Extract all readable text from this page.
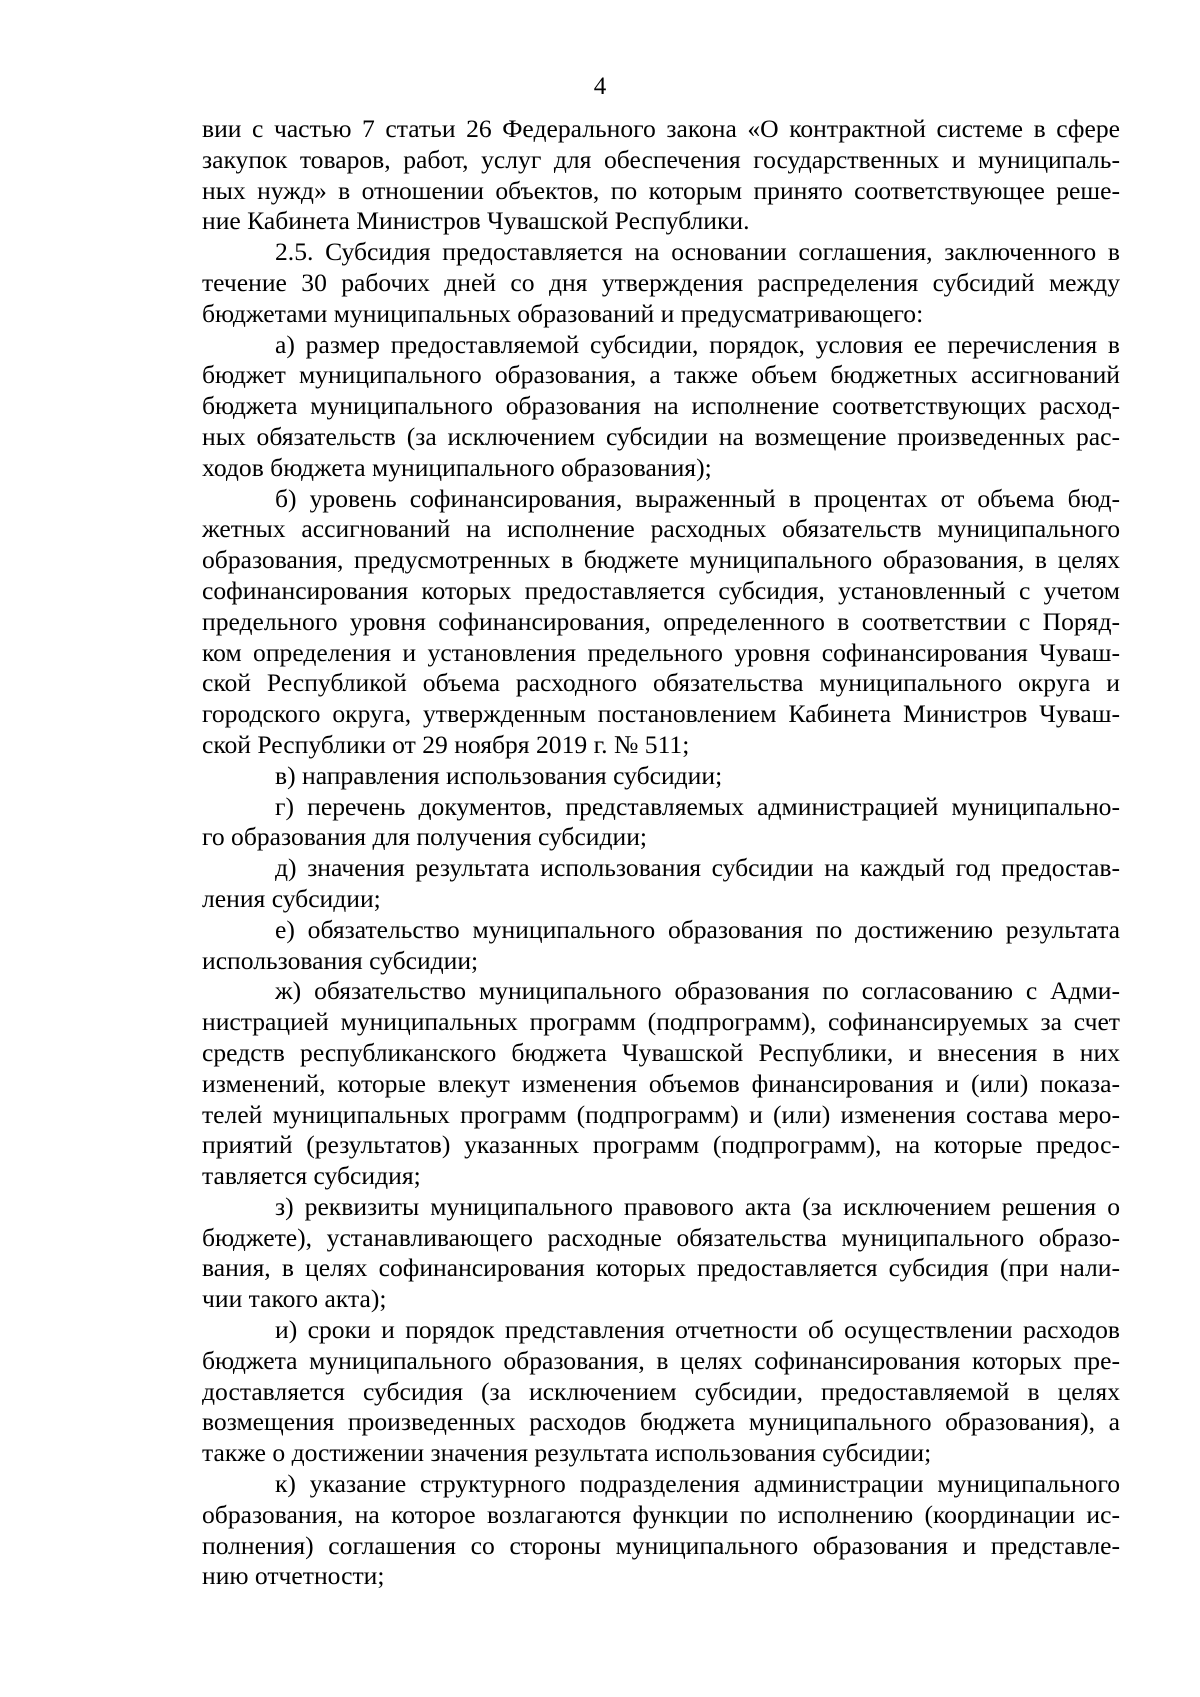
4
вии с частью 7 статьи 26 Федерального закона «О контрактной системе в сфере
закупок товаров, работ, услуг для обеспечения государственных и муниципаль-
ных нужд» в отношении объектов, по которым принято соответствующее реше-
ние Кабинета Министров Чувашской Республики.
2.5. Субсидия предоставляется на основании соглашения, заключенного в
течение 30 рабочих дней со дня утверждения распределения субсидий между
бюджетами муниципальных образований и предусматривающего:
а) размер предоставляемой субсидии, порядок, условия ее перечисления в
бюджет муниципального образования, а также объем бюджетных ассигнований
бюджета муниципального образования на исполнение соответствующих расход-
ных обязательств (за исключением субсидии на возмещение произведенных рас-
ходов бюджета муниципального образования);
б) уровень софинансирования, выраженный в процентах от объема бюд-
жетных ассигнований на исполнение расходных обязательств муниципального
образования, предусмотренных в бюджете муниципального образования, в целях
софинансирования которых предоставляется субсидия, установленный с учетом
предельного уровня софинансирования, определенного в соответствии с Поряд-
ком определения и установления предельного уровня софинансирования Чуваш-
ской Республикой объема расходного обязательства муниципального округа и
городского округа, утвержденным постановлением Кабинета Министров Чуваш-
ской Республики от 29 ноября 2019 г. № 511;
в) направления использования субсидии;
г) перечень документов, представляемых администрацией муниципально-
го образования для получения субсидии;
д) значения результата использования субсидии на каждый год предостав-
ления субсидии;
е) обязательство муниципального образования по достижению результата
использования субсидии;
ж) обязательство муниципального образования по согласованию с Адми-
нистрацией муниципальных программ (подпрограмм), софинансируемых за счет
средств республиканского бюджета Чувашской Республики, и внесения в них
изменений, которые влекут изменения объемов финансирования и (или) показа-
телей муниципальных программ (подпрограмм) и (или) изменения состава меро-
приятий (результатов) указанных программ (подпрограмм), на которые предос-
тавляется субсидия;
з) реквизиты муниципального правового акта (за исключением решения о
бюджете), устанавливающего расходные обязательства муниципального образо-
вания, в целях софинансирования которых предоставляется субсидия (при нали-
чии такого акта);
и) сроки и порядок представления отчетности об осуществлении расходов
бюджета муниципального образования, в целях софинансирования которых пре-
доставляется субсидия (за исключением субсидии, предоставляемой в целях
возмещения произведенных расходов бюджета муниципального образования), а
также о достижении значения результата использования субсидии;
к) указание структурного подразделения администрации муниципального
образования, на которое возлагаются функции по исполнению (координации ис-
полнения) соглашения со стороны муниципального образования и представле-
нию отчетности;
